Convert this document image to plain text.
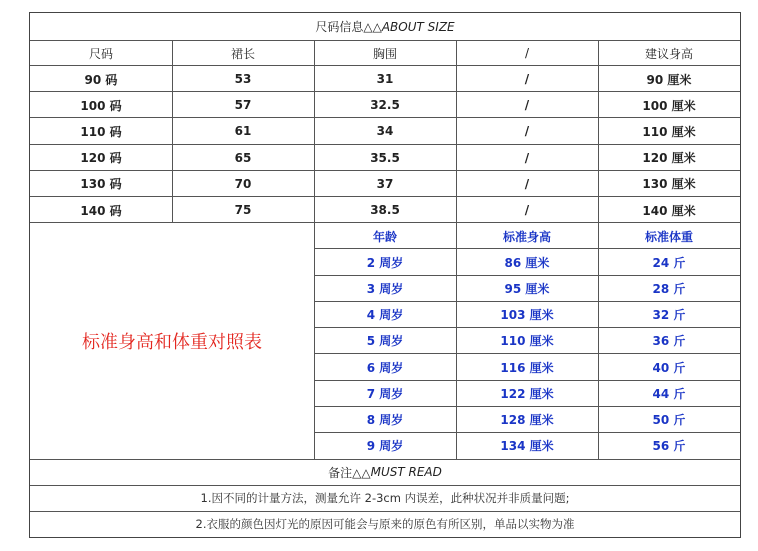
尺码信息△△ ABOUT SIZE
尺码	裙长	胸围	/	建议身高
90 码	53	31	/	90 厘米
100 码	57	32.5	/	100 厘米
110 码	61	34	/	110 厘米
120 码	65	35.5	/	120 厘米
130 码	70	37	/	130 厘米
140 码	75	38.5	/	140 厘米
标准身高和体重对照表
年龄	标准身高	标准体重
2 周岁	86 厘米	24 斤
3 周岁	95 厘米	28 斤
4 周岁	103 厘米	32 斤
5 周岁	110 厘米	36 斤
6 周岁	116 厘米	40 斤
7 周岁	122 厘米	44 斤
8 周岁	128 厘米	50 斤
9 周岁	134 厘米	56 斤
备注△△ MUST READ
1.因不同的计量方法，测量允许 2-3cm 内误差，此种状况并非质量问题;
2.衣服的颜色因灯光的原因可能会与原来的原色有所区别，单品以实物为准
